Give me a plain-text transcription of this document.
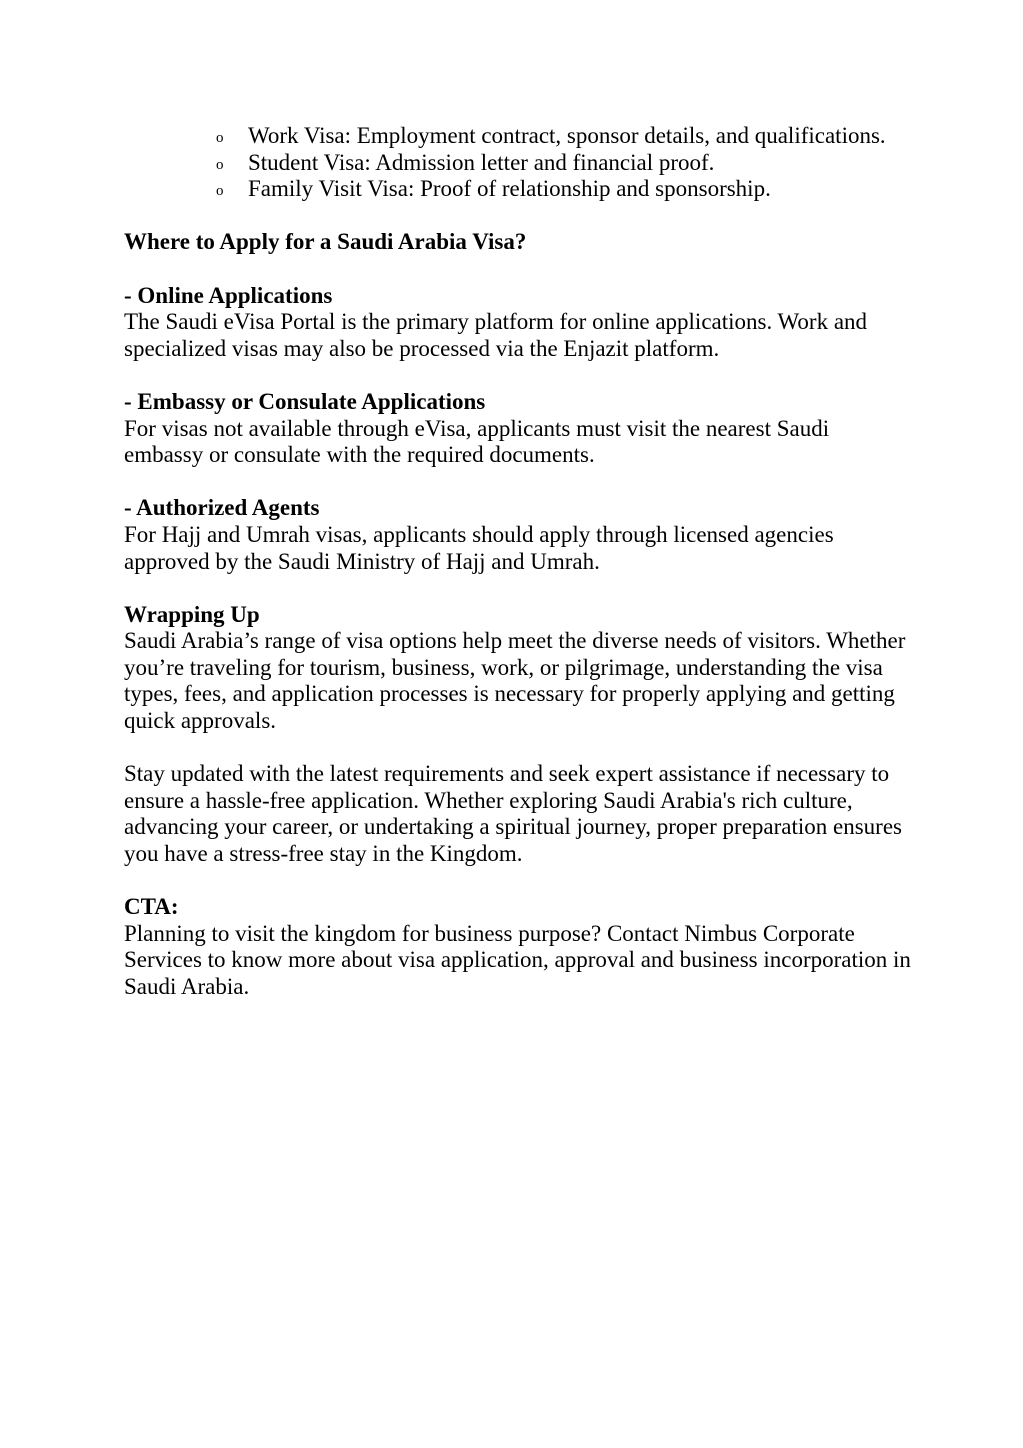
o Work Visa: Employment contract, sponsor details, and qualifications.
o Student Visa: Admission letter and financial proof.
o Family Visit Visa: Proof of relationship and sponsorship.

Where to Apply for a Saudi Arabia Visa?

- Online Applications

The Saudi eVisa Portal is the primary platform for online applications. Work and specialized visas may also be processed via the Enjazit platform.

- Embassy or Consulate Applications

For visas not available through eVisa, applicants must visit the nearest Saudi embassy or consulate with the required documents.

- Authorized Agents

For Hajj and Umrah visas, applicants should apply through licensed agencies approved by the Saudi Ministry of Hajj and Umrah.

Wrapping Up

Saudi Arabia’s range of visa options help meet the diverse needs of visitors. Whether you’re traveling for tourism, business, work, or pilgrimage, understanding the visa types, fees, and application processes is necessary for properly applying and getting quick approvals.

Stay updated with the latest requirements and seek expert assistance if necessary to ensure a hassle-free application. Whether exploring Saudi Arabia's rich culture, advancing your career, or undertaking a spiritual journey, proper preparation ensures you have a stress-free stay in the Kingdom.

CTA:

Planning to visit the kingdom for business purpose? Contact Nimbus Corporate Services to know more about visa application, approval and business incorporation in Saudi Arabia.
